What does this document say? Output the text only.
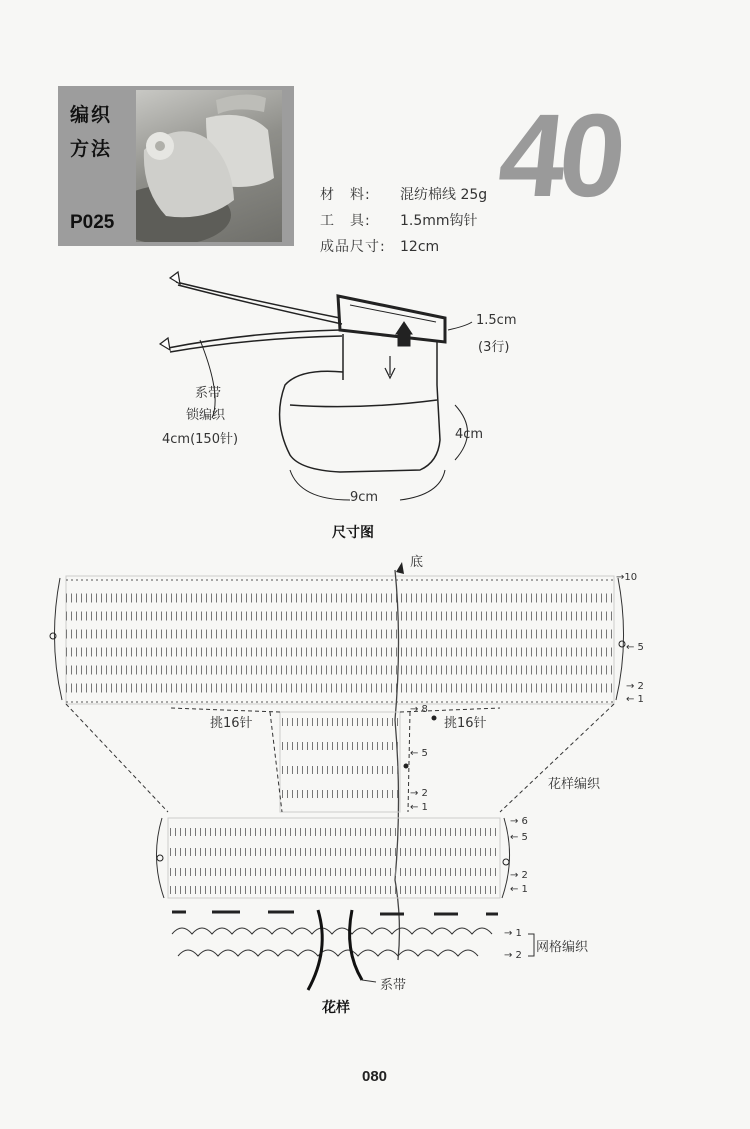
编织
方法
P025
40
材　料: 混纺棉线 25g
工　具: 1.5mm钩针
成品尺寸: 12cm
系带
锁编织
4cm(150针)
1.5cm
(3行)
4cm
9cm
尺寸图
底
→10
← 5
→ 2
← 1
挑16针	挑16针
→ 8
← 5
→ 2
← 1
花样编织
→ 6
← 5
→ 2
← 1
→ 1
→ 2
网格编织
系带
花样
080
